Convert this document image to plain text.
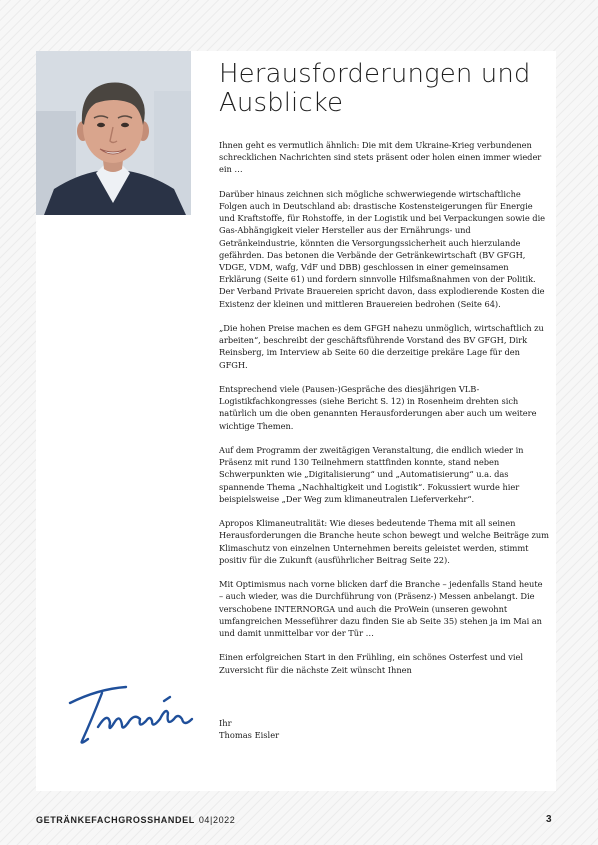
Herausforderungen und Ausblicke

Ihnen geht es vermutlich ähnlich: Die mit dem Ukraine-Krieg verbundenen schrecklichen Nachrichten sind stets präsent oder holen einen immer wieder ein …

Darüber hinaus zeichnen sich mögliche schwerwiegende wirtschaftliche Folgen auch in Deutschland ab: drastische Kostensteigerungen für Energie und Kraftstoffe, für Rohstoffe, in der Logistik und bei Verpackungen sowie die Gas-Abhängigkeit vieler Hersteller aus der Ernährungs- und Getränkeindustrie, könnten die Versorgungssicherheit auch hierzulande gefährden. Das betonen die Verbände der Getränkewirtschaft (BV GFGH, VDGE, VDM, wafg, VdF und DBB) geschlossen in einer gemeinsamen Erklärung (Seite 61) und fordern sinnvolle Hilfsmaßnahmen von der Politik. Der Verband Private Brauereien spricht davon, dass explodierende Kosten die Existenz der kleinen und mittleren Brauereien bedrohen (Seite 64).

„Die hohen Preise machen es dem GFGH nahezu unmöglich, wirtschaftlich zu arbeiten“, beschreibt der geschäftsführende Vorstand des BV GFGH, Dirk Reinsberg, im Interview ab Seite 60 die derzeitige prekäre Lage für den GFGH.

Entsprechend viele (Pausen-)Gespräche des diesjährigen VLB-Logistikfachkongresses (siehe Bericht S. 12) in Rosenheim drehten sich natürlich um die oben genannten Herausforderungen aber auch um weitere wichtige Themen.

Auf dem Programm der zweitägigen Veranstaltung, die endlich wieder in Präsenz mit rund 130 Teilnehmern stattfinden konnte, stand neben Schwerpunkten wie „Digitalisierung“ und „Automatisierung“ u.a. das spannende Thema „Nachhaltigkeit und Logistik“. Fokussiert wurde hier beispielsweise „Der Weg zum klimaneutralen Lieferverkehr“.

Apropos Klimaneutralität: Wie dieses bedeutende Thema mit all seinen Herausforderungen die Branche heute schon bewegt und welche Beiträge zum Klimaschutz von einzelnen Unternehmen bereits geleistet werden, stimmt positiv für die Zukunft (ausführlicher Beitrag Seite 22).

Mit Optimismus nach vorne blicken darf die Branche – jedenfalls Stand heute – auch wieder, was die Durchführung von (Präsenz-) Messen anbelangt. Die verschobene INTERNORGA und auch die ProWein (unseren gewohnt umfangreichen Messeführer dazu finden Sie ab Seite 35) stehen ja im Mai an und damit unmittelbar vor der Tür …

Einen erfolgreichen Start in den Frühling, ein schönes Osterfest und viel Zuversicht für die nächste Zeit wünscht Ihnen

Ihr
Thomas Eisler
GETRÄNKEFACHGROSSHANDEL 04|2022	3
